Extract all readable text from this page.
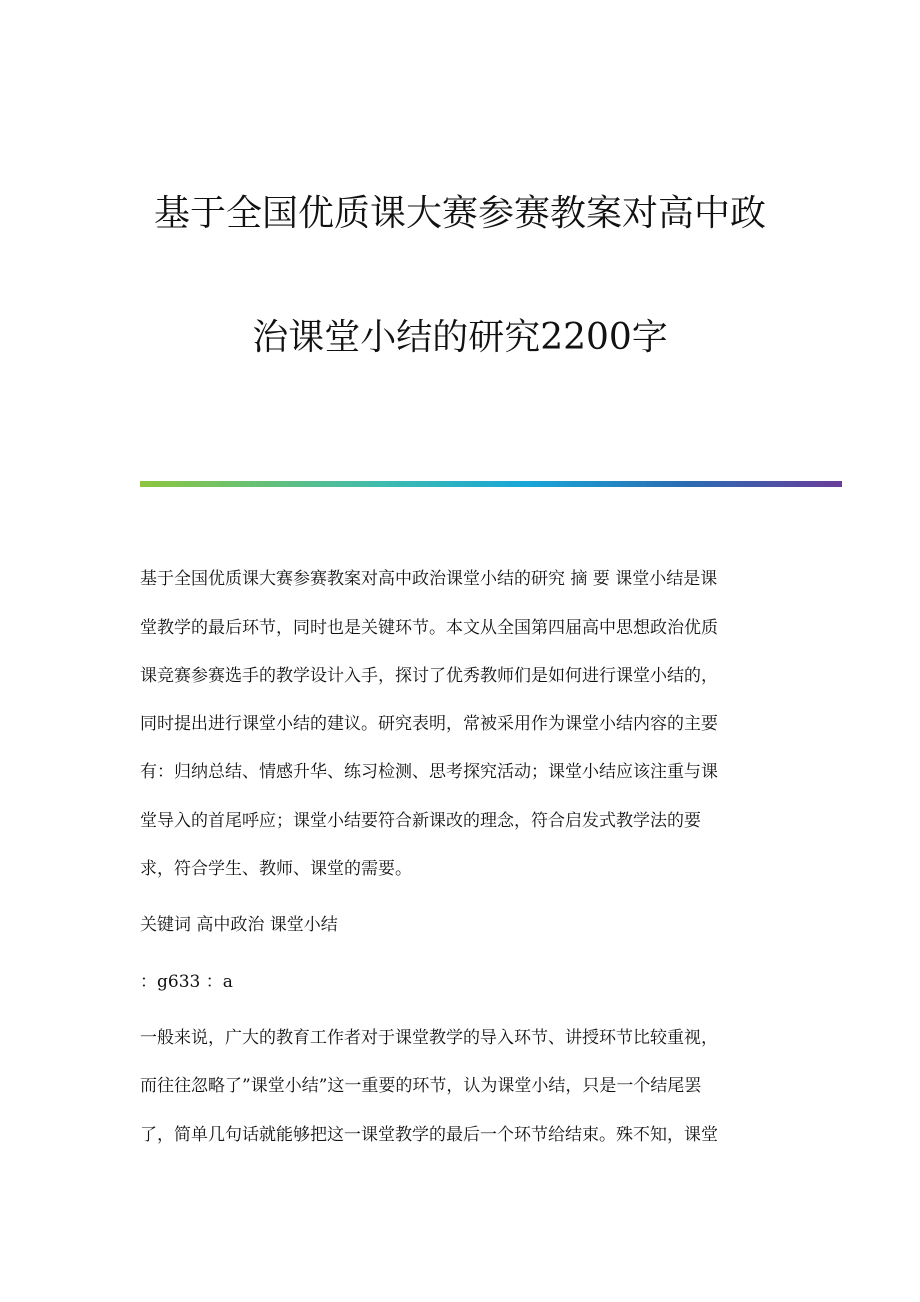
基于全国优质课大赛参赛教案对高中政
治课堂小结的研究2200字

基于全国优质课大赛参赛教案对高中政治课堂小结的研究 摘 要 课堂小结是课

堂教学的最后环节，同时也是关键环节。本文从全国第四届高中思想政治优质

课竞赛参赛选手的教学设计入手，探讨了优秀教师们是如何进行课堂小结的，

同时提出进行课堂小结的建议。研究表明，常被采用作为课堂小结内容的主要

有：归纳总结、情感升华、练习检测、思考探究活动；课堂小结应该注重与课

堂导入的首尾呼应；课堂小结要符合新课改的理念，符合启发式教学法的要

求，符合学生、教师、课堂的需要。

关键词 高中政治 课堂小结

：g633 ：a

一般来说，广大的教育工作者对于课堂教学的导入环节、讲授环节比较重视，

而往往忽略了”课堂小结”这一重要的环节，认为课堂小结，只是一个结尾罢

了，简单几句话就能够把这一课堂教学的最后一个环节给结束。殊不知，课堂
